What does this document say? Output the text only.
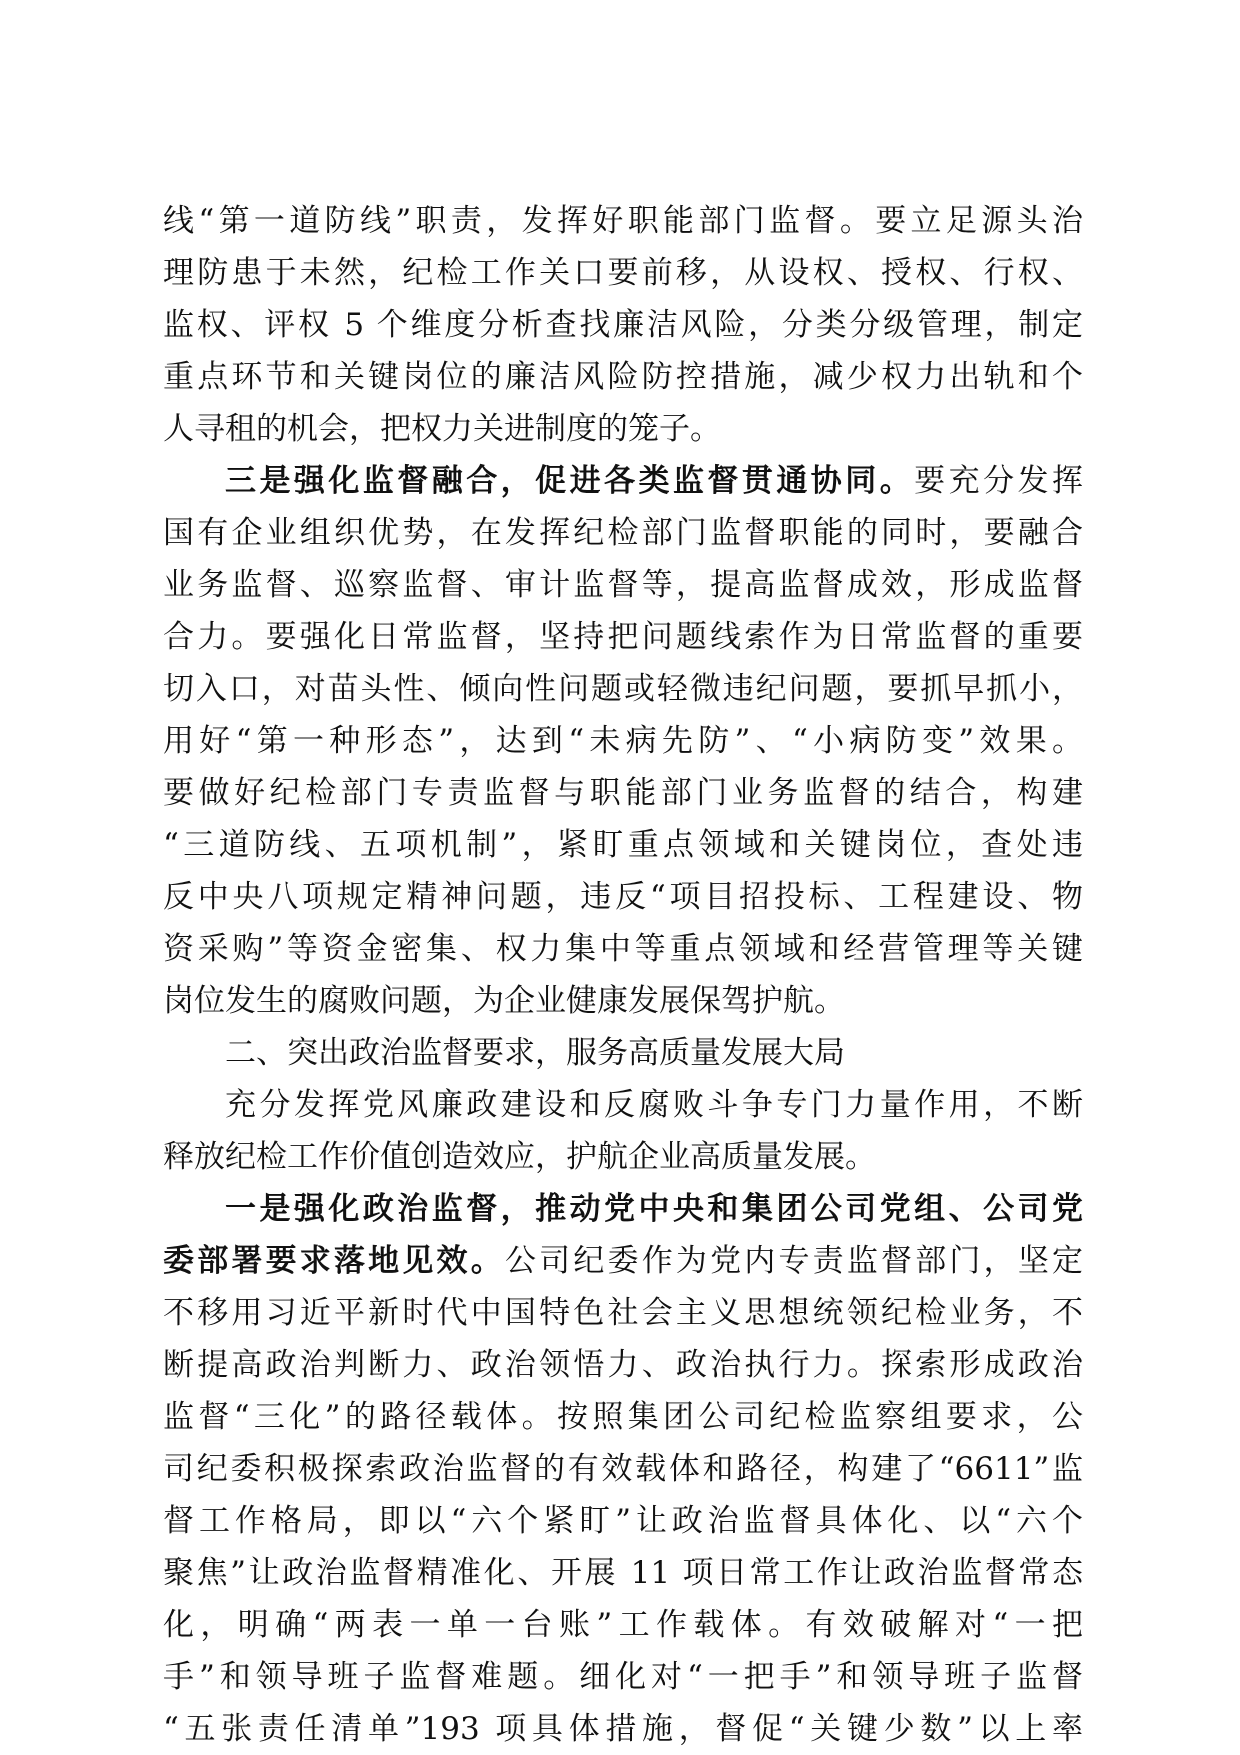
线“第一道防线”职责，发挥好职能部门监督。要立足源头治
理防患于未然，纪检工作关口要前移，从设权、授权、行权、
监权、评权 5 个维度分析查找廉洁风险，分类分级管理，制定
重点环节和关键岗位的廉洁风险防控措施，减少权力出轨和个
人寻租的机会，把权力关进制度的笼子。
三是强化监督融合，促进各类监督贯通协同。要充分发挥
国有企业组织优势，在发挥纪检部门监督职能的同时，要融合
业务监督、巡察监督、审计监督等，提高监督成效，形成监督
合力。要强化日常监督，坚持把问题线索作为日常监督的重要
切入口，对苗头性、倾向性问题或轻微违纪问题，要抓早抓小，
用好“第一种形态”，达到“未病先防”、“小病防变”效果。
要做好纪检部门专责监督与职能部门业务监督的结合，构建
“三道防线、五项机制”，紧盯重点领域和关键岗位，查处违
反中央八项规定精神问题，违反“项目招投标、工程建设、物
资采购”等资金密集、权力集中等重点领域和经营管理等关键
岗位发生的腐败问题，为企业健康发展保驾护航。
二、突出政治监督要求，服务高质量发展大局
充分发挥党风廉政建设和反腐败斗争专门力量作用，不断
释放纪检工作价值创造效应，护航企业高质量发展。
一是强化政治监督，推动党中央和集团公司党组、公司党
委部署要求落地见效。公司纪委作为党内专责监督部门，坚定
不移用习近平新时代中国特色社会主义思想统领纪检业务，不
断提高政治判断力、政治领悟力、政治执行力。探索形成政治
监督“三化”的路径载体。按照集团公司纪检监察组要求，公
司纪委积极探索政治监督的有效载体和路径，构建了“6611”监
督工作格局，即以“六个紧盯”让政治监督具体化、以“六个
聚焦”让政治监督精准化、开展 11 项日常工作让政治监督常态
化，明确“两表一单一台账”工作载体。有效破解对“一把
手”和领导班子监督难题。细化对“一把手”和领导班子监督
“五张责任清单”193 项具体措施，督促“关键少数”以上率
